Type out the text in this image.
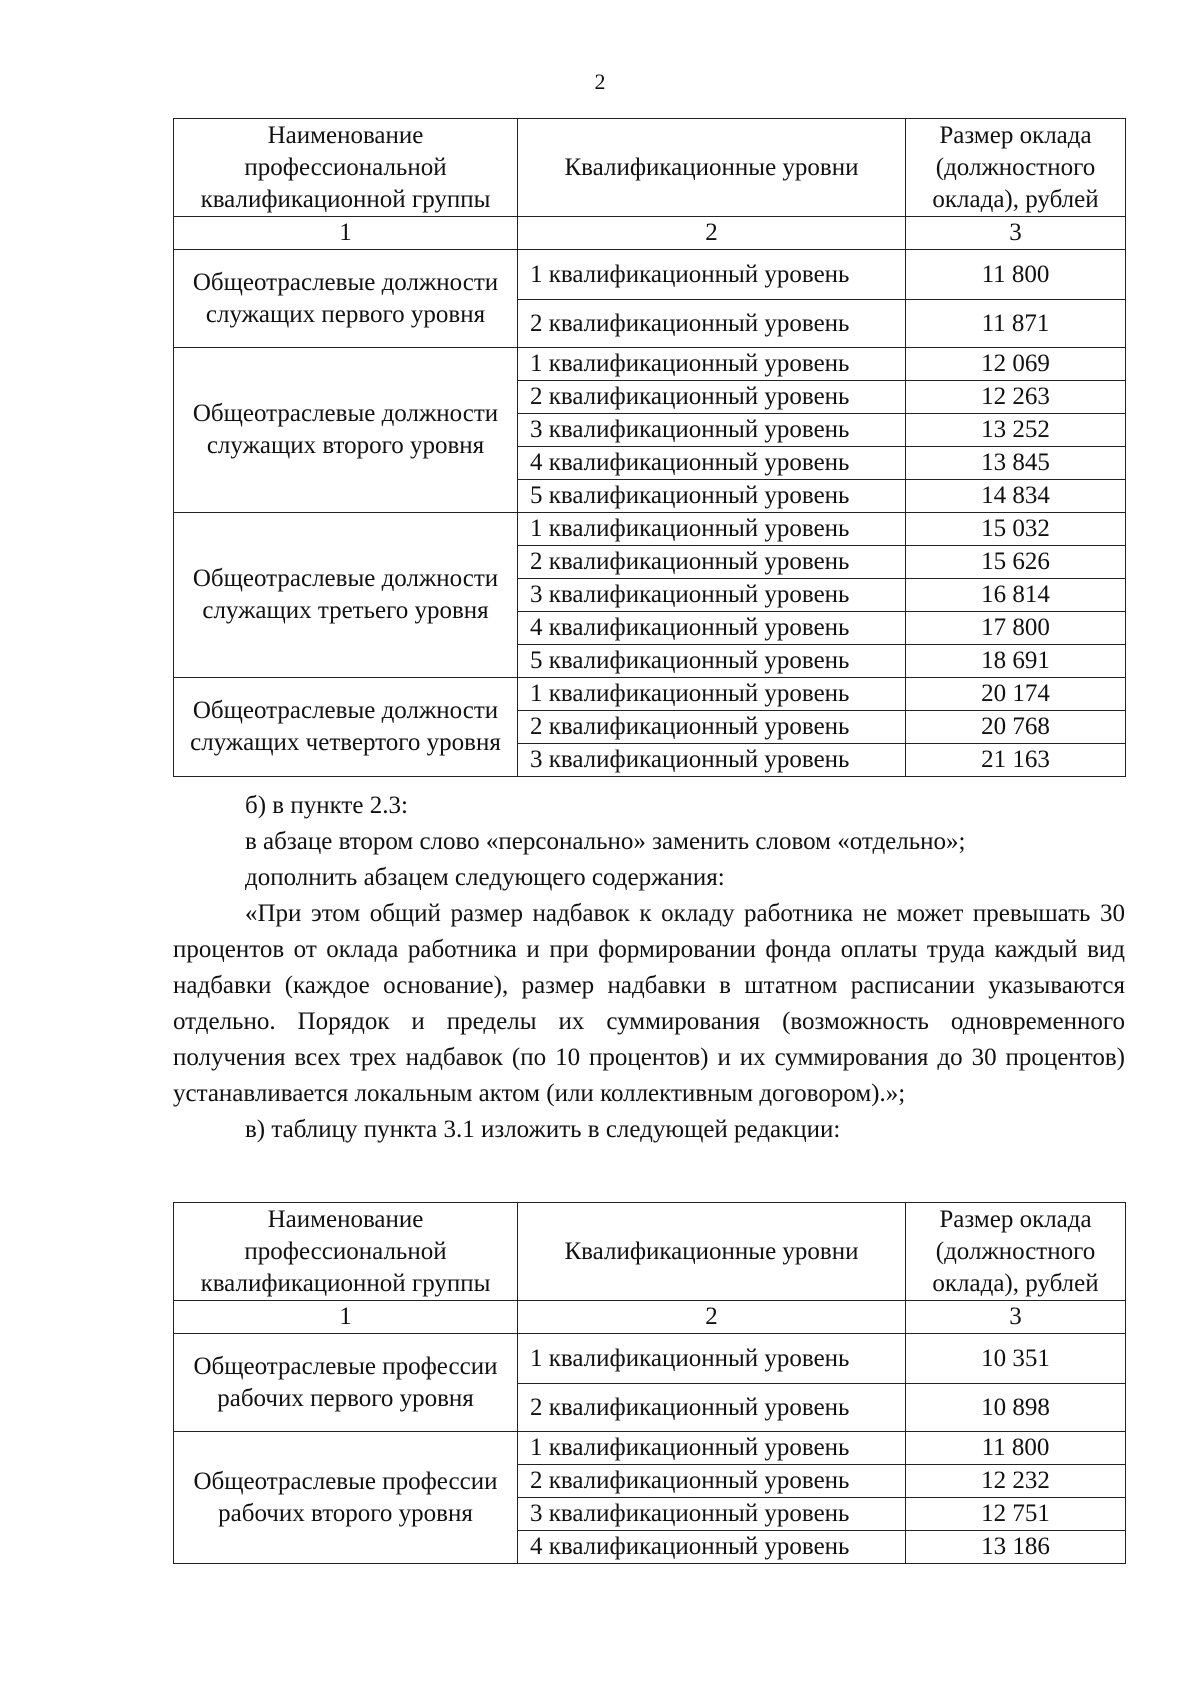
2
Наименование профессиональной квалификационной группы	Квалификационные уровни	Размер оклада (должностного оклада), рублей
1	2	3
Общеотраслевые должности служащих первого уровня	1 квалификационный уровень	11 800
	2 квалификационный уровень	11 871
Общеотраслевые должности служащих второго уровня	1 квалификационный уровень	12 069
	2 квалификационный уровень	12 263
	3 квалификационный уровень	13 252
	4 квалификационный уровень	13 845
	5 квалификационный уровень	14 834
Общеотраслевые должности служащих третьего уровня	1 квалификационный уровень	15 032
	2 квалификационный уровень	15 626
	3 квалификационный уровень	16 814
	4 квалификационный уровень	17 800
	5 квалификационный уровень	18 691
Общеотраслевые должности служащих четвертого уровня	1 квалификационный уровень	20 174
	2 квалификационный уровень	20 768
	3 квалификационный уровень	21 163

б) в пункте 2.3:

в абзаце втором слово «персонально» заменить словом «отдельно»;

дополнить абзацем следующего содержания:

«При этом общий размер надбавок к окладу работника не может превышать 30 процентов от оклада работника и при формировании фонда оплаты труда каждый вид надбавки (каждое основание), размер надбавки в штатном расписании указываются отдельно. Порядок и пределы их суммирования (возможность одновременного получения всех трех надбавок (по 10 процентов) и их суммирования до 30 процентов) устанавливается локальным актом (или коллективным договором).»;

в) таблицу пункта 3.1 изложить в следующей редакции:

Наименование профессиональной квалификационной группы	Квалификационные уровни	Размер оклада (должностного оклада), рублей
1	2	3
Общеотраслевые профессии рабочих первого уровня	1 квалификационный уровень	10 351
	2 квалификационный уровень	10 898
Общеотраслевые профессии рабочих второго уровня	1 квалификационный уровень	11 800
	2 квалификационный уровень	12 232
	3 квалификационный уровень	12 751
	4 квалификационный уровень	13 186
